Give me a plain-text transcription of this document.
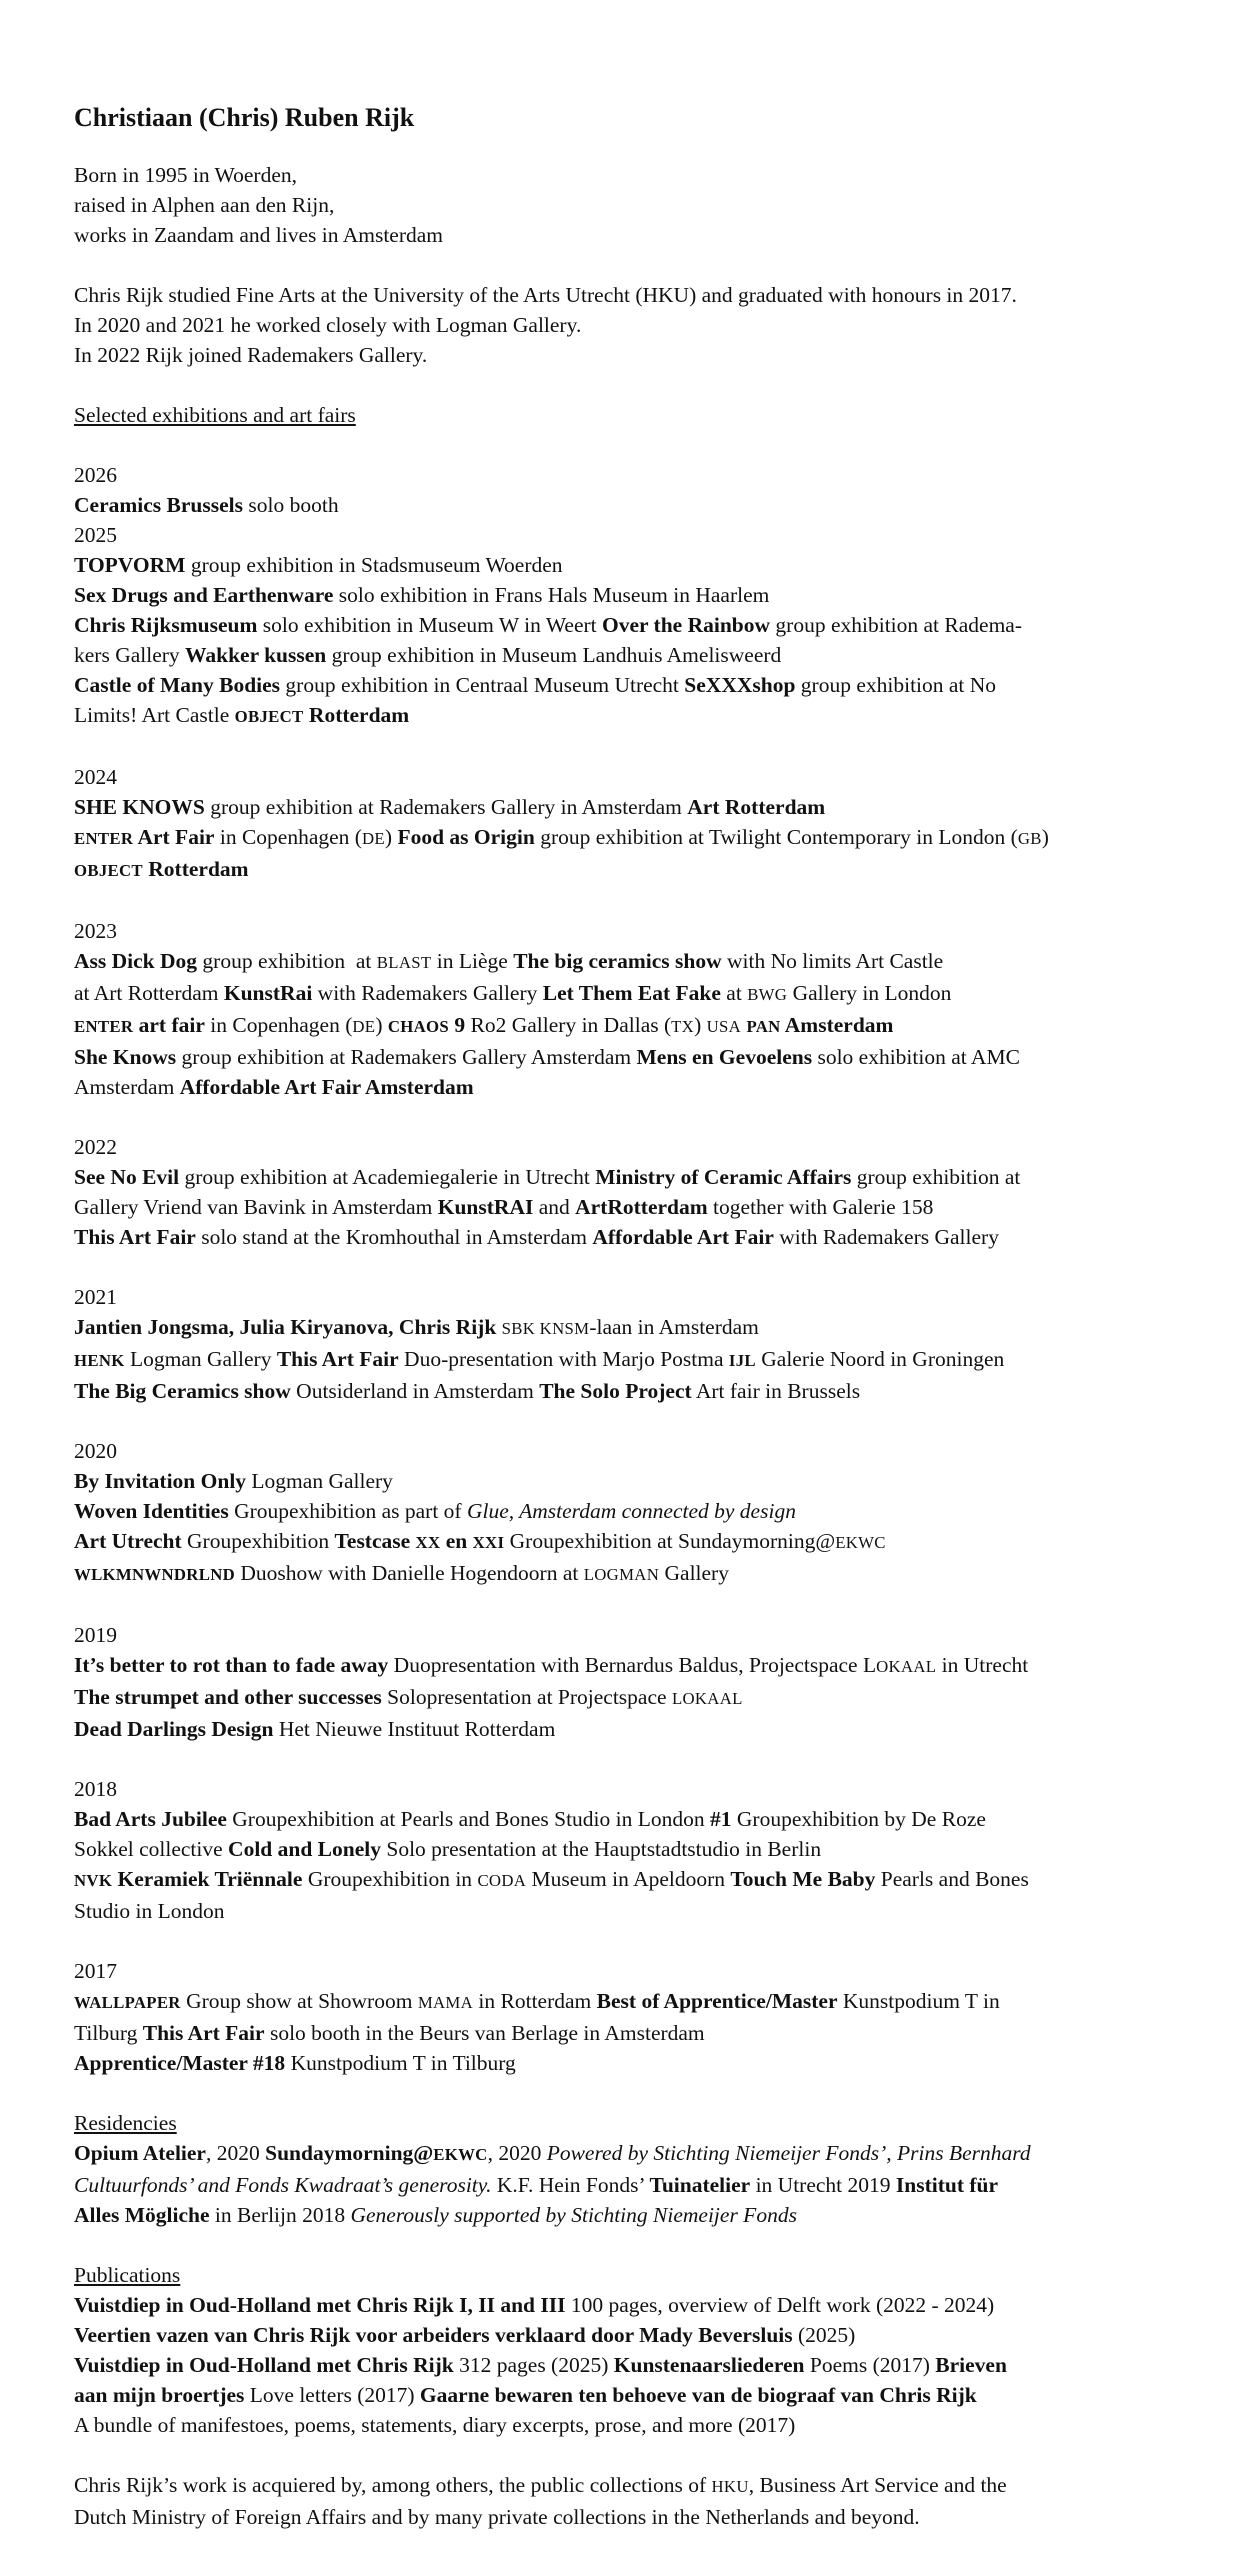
Christiaan (Chris) Ruben Rijk

Born in 1995 in Woerden,
raised in Alphen aan den Rijn,
works in Zaandam and lives in Amsterdam

Chris Rijk studied Fine Arts at the University of the Arts Utrecht (HKU) and graduated with honours in 2017.
In 2020 and 2021 he worked closely with Logman Gallery.
In 2022 Rijk joined Rademakers Gallery.

Selected exhibitions and art fairs

2026
Ceramics Brussels solo booth
2025
TOPVORM group exhibition in Stadsmuseum Woerden
Sex Drugs and Earthenware solo exhibition in Frans Hals Museum in Haarlem
Chris Rijksmuseum solo exhibition in Museum W in Weert Over the Rainbow group exhibition at Radema-
kers Gallery Wakker kussen group exhibition in Museum Landhuis Amelisweerd
Castle of Many Bodies group exhibition in Centraal Museum Utrecht SeXXXshop group exhibition at No
Limits! Art Castle OBJECT Rotterdam

2024
SHE KNOWS group exhibition at Rademakers Gallery in Amsterdam Art Rotterdam
ENTER Art Fair in Copenhagen (DE) Food as Origin group exhibition at Twilight Contemporary in London (GB)
OBJECT Rotterdam

2023
Ass Dick Dog group exhibition  at BLAST in Liège The big ceramics show with No limits Art Castle
at Art Rotterdam KunstRai with Rademakers Gallery Let Them Eat Fake at BWG Gallery in London
ENTER art fair in Copenhagen (DE) CHAOS 9 Ro2 Gallery in Dallas (TX) USA PAN Amsterdam
She Knows group exhibition at Rademakers Gallery Amsterdam Mens en Gevoelens solo exhibition at AMC
Amsterdam Affordable Art Fair Amsterdam

2022
See No Evil group exhibition at Academiegalerie in Utrecht Ministry of Ceramic Affairs group exhibition at
Gallery Vriend van Bavink in Amsterdam KunstRAI and ArtRotterdam together with Galerie 158
This Art Fair solo stand at the Kromhouthal in Amsterdam Affordable Art Fair with Rademakers Gallery

2021
Jantien Jongsma, Julia Kiryanova, Chris Rijk SBK KNSM-laan in Amsterdam
HENK Logman Gallery This Art Fair Duo-presentation with Marjo Postma IJL Galerie Noord in Groningen
The Big Ceramics show Outsiderland in Amsterdam The Solo Project Art fair in Brussels

2020
By Invitation Only Logman Gallery
Woven Identities Groupexhibition as part of Glue, Amsterdam connected by design
Art Utrecht Groupexhibition Testcase XX en XXI Groupexhibition at Sundaymorning@EKWC
WLKMNWNDRLND Duoshow with Danielle Hogendoorn at LOGMAN Gallery

2019
It’s better to rot than to fade away Duopresentation with Bernardus Baldus, Projectspace LOKAAL in Utrecht
The strumpet and other successes Solopresentation at Projectspace LOKAAL
Dead Darlings Design Het Nieuwe Instituut Rotterdam

2018
Bad Arts Jubilee Groupexhibition at Pearls and Bones Studio in London #1 Groupexhibition by De Roze
Sokkel collective Cold and Lonely Solo presentation at the Hauptstadtstudio in Berlin
NVK Keramiek Triënnale Groupexhibition in CODA Museum in Apeldoorn Touch Me Baby Pearls and Bones
Studio in London

2017
WALLPAPER Group show at Showroom MAMA in Rotterdam Best of Apprentice/Master Kunstpodium T in
Tilburg This Art Fair solo booth in the Beurs van Berlage in Amsterdam
Apprentice/Master #18 Kunstpodium T in Tilburg

Residencies
Opium Atelier, 2020 Sundaymorning@EKWC, 2020 Powered by Stichting Niemeijer Fonds’, Prins Bernhard
Cultuurfonds’ and Fonds Kwadraat’s generosity. K.F. Hein Fonds’ Tuinatelier in Utrecht 2019 Institut für
Alles Mögliche in Berlijn 2018 Generously supported by Stichting Niemeijer Fonds

Publications
Vuistdiep in Oud-Holland met Chris Rijk I, II and III 100 pages, overview of Delft work (2022 - 2024)
Veertien vazen van Chris Rijk voor arbeiders verklaard door Mady Beversluis (2025)
Vuistdiep in Oud-Holland met Chris Rijk 312 pages (2025) Kunstenaarsliederen Poems (2017) Brieven
aan mijn broertjes Love letters (2017) Gaarne bewaren ten behoeve van de biograaf van Chris Rijk
A bundle of manifestoes, poems, statements, diary excerpts, prose, and more (2017)

Chris Rijk’s work is acquiered by, among others, the public collections of HKU, Business Art Service and the
Dutch Ministry of Foreign Affairs and by many private collections in the Netherlands and beyond.
